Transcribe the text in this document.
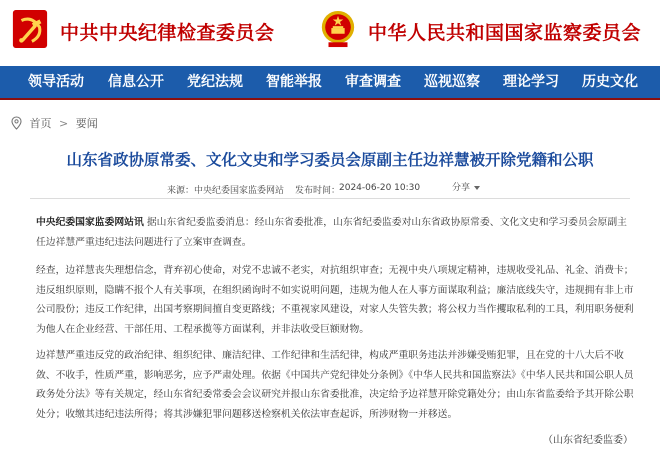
中共中央纪律检查委员会	中华人民共和国国家监察委员会
领导活动 信息公开 党纪法规 智能举报 审查调查 巡视巡察 理论学习 历史文化
首页 > 要闻
山东省政协原常委、文化文史和学习委员会原副主任边祥慧被开除党籍和公职
来源： 中央纪委国家监委网站 发布时间：
2024-06-20 10:30	分享
中央纪委国家监委网站讯 据山东省纪委监委消息：经山东省委批准，山东省纪委监委对山东省政协原常委、文化文史和学习委员会原副主任边祥慧严重违纪违法问题进行了立案审查调查。
经查，边祥慧丧失理想信念，背弃初心使命，对党不忠诚不老实，对抗组织审查；无视中央八项规定精神，违规收受礼品、礼金、消费卡；违反组织原则，隐瞒不报个人有关事项，在组织函询时不如实说明问题，违规为他人在人事方面谋取利益；廉洁底线失守，违规拥有非上市公司股份；违反工作纪律，出国考察期间擅自变更路线；不重视家风建设，对家人失管失教；将公权力当作攫取私利的工具，利用职务便利为他人在企业经营、干部任用、工程承揽等方面谋利，并非法收受巨额财物。
边祥慧严重违反党的政治纪律、组织纪律、廉洁纪律、工作纪律和生活纪律，构成严重职务违法并涉嫌受贿犯罪，且在党的十八大后不收敛、不收手，性质严重，影响恶劣，应予严肃处理。依据《中国共产党纪律处分条例》《中华人民共和国监察法》《中华人民共和国公职人员政务处分法》等有关规定，经山东省纪委常委会会议研究并报山东省委批准，决定给予边祥慧开除党籍处分；由山东省监委给予其开除公职处分；收缴其违纪违法所得；将其涉嫌犯罪问题移送检察机关依法审查起诉，所涉财物一并移送。
（山东省纪委监委）
